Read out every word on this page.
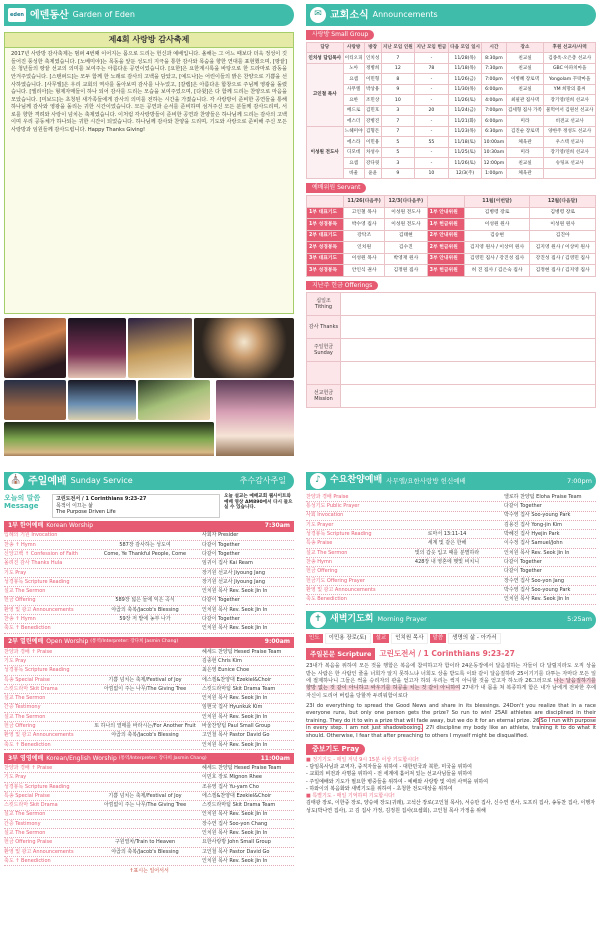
eden 에덴동산 Garden of Eden
제4회 사랑방 감사축제
2017년 사랑방 감사축제는 범퍼 4번째 이어지는 몸으로 드리는 헌신과 예배입니다. 올해는 그 어느 때보다 더욱 정성이 깃들어진 풍성한 축제였습니다. [노베미야]는 목동을 앞둔 성도의 지극을 통한 감사와 목숨을 향한 연대를 표현했으며, [땅끝]은 청년들의 땅끝 선교의 의미를 보여주는 아름다운 공연이었습니다. [요한]은 요한계시록을 바탕으로 한 드라마로 감동을 안겨주었습니다. [스탠퍼드]는 모두 함께 한 노래로 감사의 고백을 담았고, [예드나]는 어린이들의 밝은 찬양으로 기쁨을 선사하였습니다. [사무엘]은 우리 교회의 역사를 돌아보며 감사를 나누었고, [갈렙]은 아름다운 합창으로 주님께 영광을 돌렸습니다. [엘리아]는 형제자매들이 하나 되어 감사를 드리는 모습을 보여주었으며, [다윗]은 다 함께 드리는 찬양으로 마음을 모았습니다. [미보드]는 초청된 새가족들에게 감사의 의미를 전하는 시간을 가졌습니다. 각 사랑방이 준비한 공연들을 통해 하나님께 감사와 영광을 돌리는 귀한 시간이었습니다. 모든 공연과 순서를 준비하며 섬겨주신 모든 분들께 감사드리며, 서로를 향한 격려와 사랑이 넘치는 축제였습니다. 이처럼 각사랑방들이 준비한 공연과 찬양들은 하나님께 드리는 감사의 고백이며 우리 공동체가 하나되는 귀한 시간이 되었습니다. 하나님께 감사와 찬양을 드리며, 기도와 사랑으로 준비해 주신 모든 사랑방과 임원들께 감사드립니다. Happy Thanks Giving!
✉ 교회소식 Announcements
사랑방 Small Group
담당	사랑방	방장	지난 모임 인원	지난 모임 헌금	다음 모임 일시	시간	장소	후원 선교사/사역
인치성 담임목사	이티오피	인치성	7	-	11/28(목)	8:30pm	친교실	김종옥·오은총 선교사
고인철 목사	노아	정병희	12	78	11/18(목)	7:30pm	친교실	GBC 아파치마을
	요셉	이민형	8	-	11/26(금)	7:00pm	이병혜 장로댁	Yongolam 꾸락마을
	사무엘	박상용	9	-	11/30(목)	6:00pm	친교실	YM 희망의 불씨
	요한	조민상	10	-	11/26(토)	4:00pm	최필관 집사댁	장기영/연희 선교사
	베드로	김민호	3	20	11/24(금)	7:00pm	김세형 집사 가족	물먹어서 김원선 선교사
	에스더	강병진	7	-	11/21(화)	6:00pm	미라	비전교 선교사
이성원 전도사	느헤미야	김형돈	7	-	11/23(목)	6:30pm	김진순 장로댁	양한주 정성도 선교사
	에스라	이민용	5	55	11/18(토)	10:00am	체육관	우스텍 선교사
	디모데	차성수	5	-	11/25(토)	10:30am	미라	장기영/연희 선교사
	요셉	강다윗	3	-	11/26(토)	12:00pm	친교실	슈팅프 선교사
	바울	윤윤	9	10	12/3(주)	1:00pm	체육관	
예배위원 Servant
	11/26(다음주)	12/3(다다음주)		11월(이번달)	12월(다음달)
1부 대표기도	고인철 목사	이성원 전도사	1부 안내위원	김병령 장로	김병령 장로
1부 성경봉독	박수영 집사	이성원 전도사	1부 헌금위원	이성원 원사	이성원 원사
2부 대표기도	강탁조	김태현	2부 안내위원	김승현	김진아
2부 성경봉독	인치원	김수진	2부 헌금위원	김지영 원사 / 이상미 원사	김지영 원사 / 이상미 원사
3부 대표기도	이성원 목사	박영재 원사	3부 안내위원	김영민 집사 / 강진성 집사	강진성 집사 / 김영민 집사
3부 성경봉독	안인식 권사	김정원 집사	3부 헌금위원	허 진 집사 / 김은숙 집사	김정현 집사 / 김지영 집사
지난주 헌금 Offerings
십일조 Tithing	
감사 Thanks	
주일헌금 Sunday	

선교헌금 Mission	
⛪ 주일예배 Sunday Service	추수감사주일
오늘의 말씀 Message
고린도전서 / 1 Corinthians 9:23-27
목적이 이끄는 삶
The Purpose Driven Life
오늘 설교는 예배교회 웹사이트와 예배 영상 AM890에서 다시 들으실 수 있습니다.
1부 한어예배 Korean Worship	7:30am
입례의 기원 Invocation	사회자 Presider
찬송 ↑ Hymn	587장 감사하는 성도여	다같이 Together
신앙고백 ↑ Confession of Faith	Come, Ye Thankful People, Come	다같이 Together
올려진 감사 Thanks Hula	임귀이 집사 Kai Ream
기도 Pray	장기원 선교사 Jiyoung Jang
성경봉독 Scripture Reading	장기원 선교사 Jiyoung Jang
설교 The Sermon	인치원 목사 Rev. Seok Jin In
헌금 Offering	589장 넓은 들에 익은 곡식	다같이 Together
환영 및 광고 Announcements	야곱의 축복/Jacob's Blessing	인치원 목사 Rev. Seok Jin In
찬송 ↑ Hymn	59장 저 밭에 농부 나가	다같이 Together
축도 ↑ Benediction	인치원 목사 Rev. Seok Jin In
2부 열린예배 Open Worship
(통역/Interpreter: 장다희 Jasmin Chang)	9:00am
찬양과 경배 ↑ Praise	헤세드 찬양팀 Hesed Praise Team
기도 Pray	김종현 Chris Kim
성경봉독 Scripture Reading	최은영 Eunice Choe
특송 Special Praise	기쁨 넘치는 축제/Festival of Joy	에스겔&찬양대 Ezekiel&Choir
스킷드라마 Skit Drama	아낌없이 주는 나무/The Giving Tree	스킷드라마팀 Skit Drama Team
설교 The Sermon	인치원 목사 Rev. Seok Jin In
간증 Testimony	임현국 집사 Hyunkuk Kim
설교 The Sermon	인치원 목사 Rev. Seok Jin In
헌금 Offering	또 하나의 열매를 바라시는/For Another Fruit	바울찬양팀 Paul Small Group
환영 및 광고 Announcements	야곱의 축복/Jacob's Blessing	고인철 목사 Pastor David Go
축도 ↑ Benediction	인치원 목사 Rev. Seok Jin In
3부 영영예배 Korean/English Worship
(통역/Interpreter: 장다희 Jasmin Chang)	11:00am
찬양과 경배 ↑ Praise	헤세드 찬양팀 Hesed Praise Team
기도 Pray	이민호 장로 Mignon Rhee
성경봉독 Scripture Reading	조유영 집사 Yu-yam Cho
특송 Special Praise	기쁨 넘치는 축제/Festival of Joy	에스겔&찬양대 Ezekiel&Choir
스킷드라마 Skit Drama	아낌없이 주는 나무/The Giving Tree	스킷드라마팀 Skit Drama Team
설교 The Sermon	인치원 목사 Rev. Seok Jin In
간증 Testimony	장수연 집사 Soo-yon Chang
설교 The Sermon	인치원 목사 Rev. Seok Jin In
헌금 Offering Praise	구원열차/Train to Heaven	요한사랑방 John Small Group
환영 및 광고 Announcements	야곱의 축복/Jacob's Blessing	고인철 목사 Pastor David Go
축도 ↑ Benediction	인치원 목사 Rev. Seok Jin In
↑표시는 일어서서
♪	수요찬양예배 사무엘/요한사랑방 헌신예배	7:00pm
찬양과 경배 Praise	엘로하 찬양팀 Eloha Praise Team
통성기도 Public Prayer	다같이 Together
사회 Invocation	박수영 집사 Soo-young Park
기도 Prayer	김용진 집사 Yong-jin Kim
성경봉독 Scripture Reading	로마서 13:11-14	박혜진 집사 Hyejin Park
특송 Praise	세계 및 같은 한해	이수정 집사 Samuel/John
설교 The Sermon	빛의 갑옷 입고 때를 분별하라	인치원 목사 Rev. Seok Jin In
찬송 Hymn	428장 내 영혼에 햇빛 비치니	다같이 Together
헌금 Offering	다같이 Together
헌금기도 Offering Prayer	장수연 집사 Soo-yon Jang
환영 및 광고 Announcements	박수영 집사 Soo-young Park
축도 Benediction	인치원 목사 Rev. Seok Jin In
✝ 새벽기도회 Morning Prayer	5:25am
인도	이민용 장로(토)	설교	인치원 목사	말씀	생명의 삶 - 아가서
주일본문 Scripture	고린도전서 / 1 Corinthians 9:23-27
23내가 복음을 위하여 모든 것을 행함은 복음에 참여하고자 함이라 24운동장에서 달음질하는 자들이 다 달릴지라도 오직 상을 받는 사람은 한 사람인 줄을 너희가 알지 못하느냐 너희도 상을 받도록 이와 같이 달음질하라 25이기기를 다투는 자마다 모든 일에 절제하나니 그들은 썩을 승리자의 관을 얻고자 하되 우리는 썩지 아니할 것을 얻고자 하노라 26그러므로 나는 달음질하기를 향방 없는 것 같이 아니하고 싸우기를 허공을 치는 것 같이 아니하여 27내가 내 몸을 쳐 복종하게 함은 내가 남에게 전파한 후에 자신이 도리어 버림을 당할까 두려워함이로다
23I do everything to spread the Good News and share in its blessings. 24Don't you realize that in a race everyone runs, but only one person gets the prize? So run to win! 25All athletes are disciplined in their training. They do it to win a prize that will fade away, but we do it for an eternal prize. 26So I run with purpose in every step. I am not just shadowboxing. 27I discipline my body like an athlete, training it to do what it should. Otherwise, I fear that after preaching to others I myself might be disqualified.
중보기도 Pray
■ 정기기도 - 매일 저녁 9시 15분 이상 기도합시다!
- 담임목사님과 교역자, 중직자들을 위하여 - 대한민국과 북한, 미국을 위하여
- 교회의 비전과 사명을 위하여 - 전 세계에 흩어져 있는 선교사님들을 위하여
- 주일예배와 기도가 필요한 병중들을 위하여 - 예배와 사랑방 및 여러 사역을 위하여
- 하와이의 복음화와 새벽기도를 위하여 - 초청한 전도대상을 위하여
■ 특별기도 - 매일 기억하며 기도합시다!
김태광 장로, 이한중 장로, 양승애 장도(귀래), 고석산 장로(고인철 목사), 서승만 집사, 신수연 권사, 도프리 집사, 송동찬 집사, 이행자 성도(박나연 집사), 고 김 집사 가정, 김정원 집사(요셉회), 고인철 목사 가정을 위해
